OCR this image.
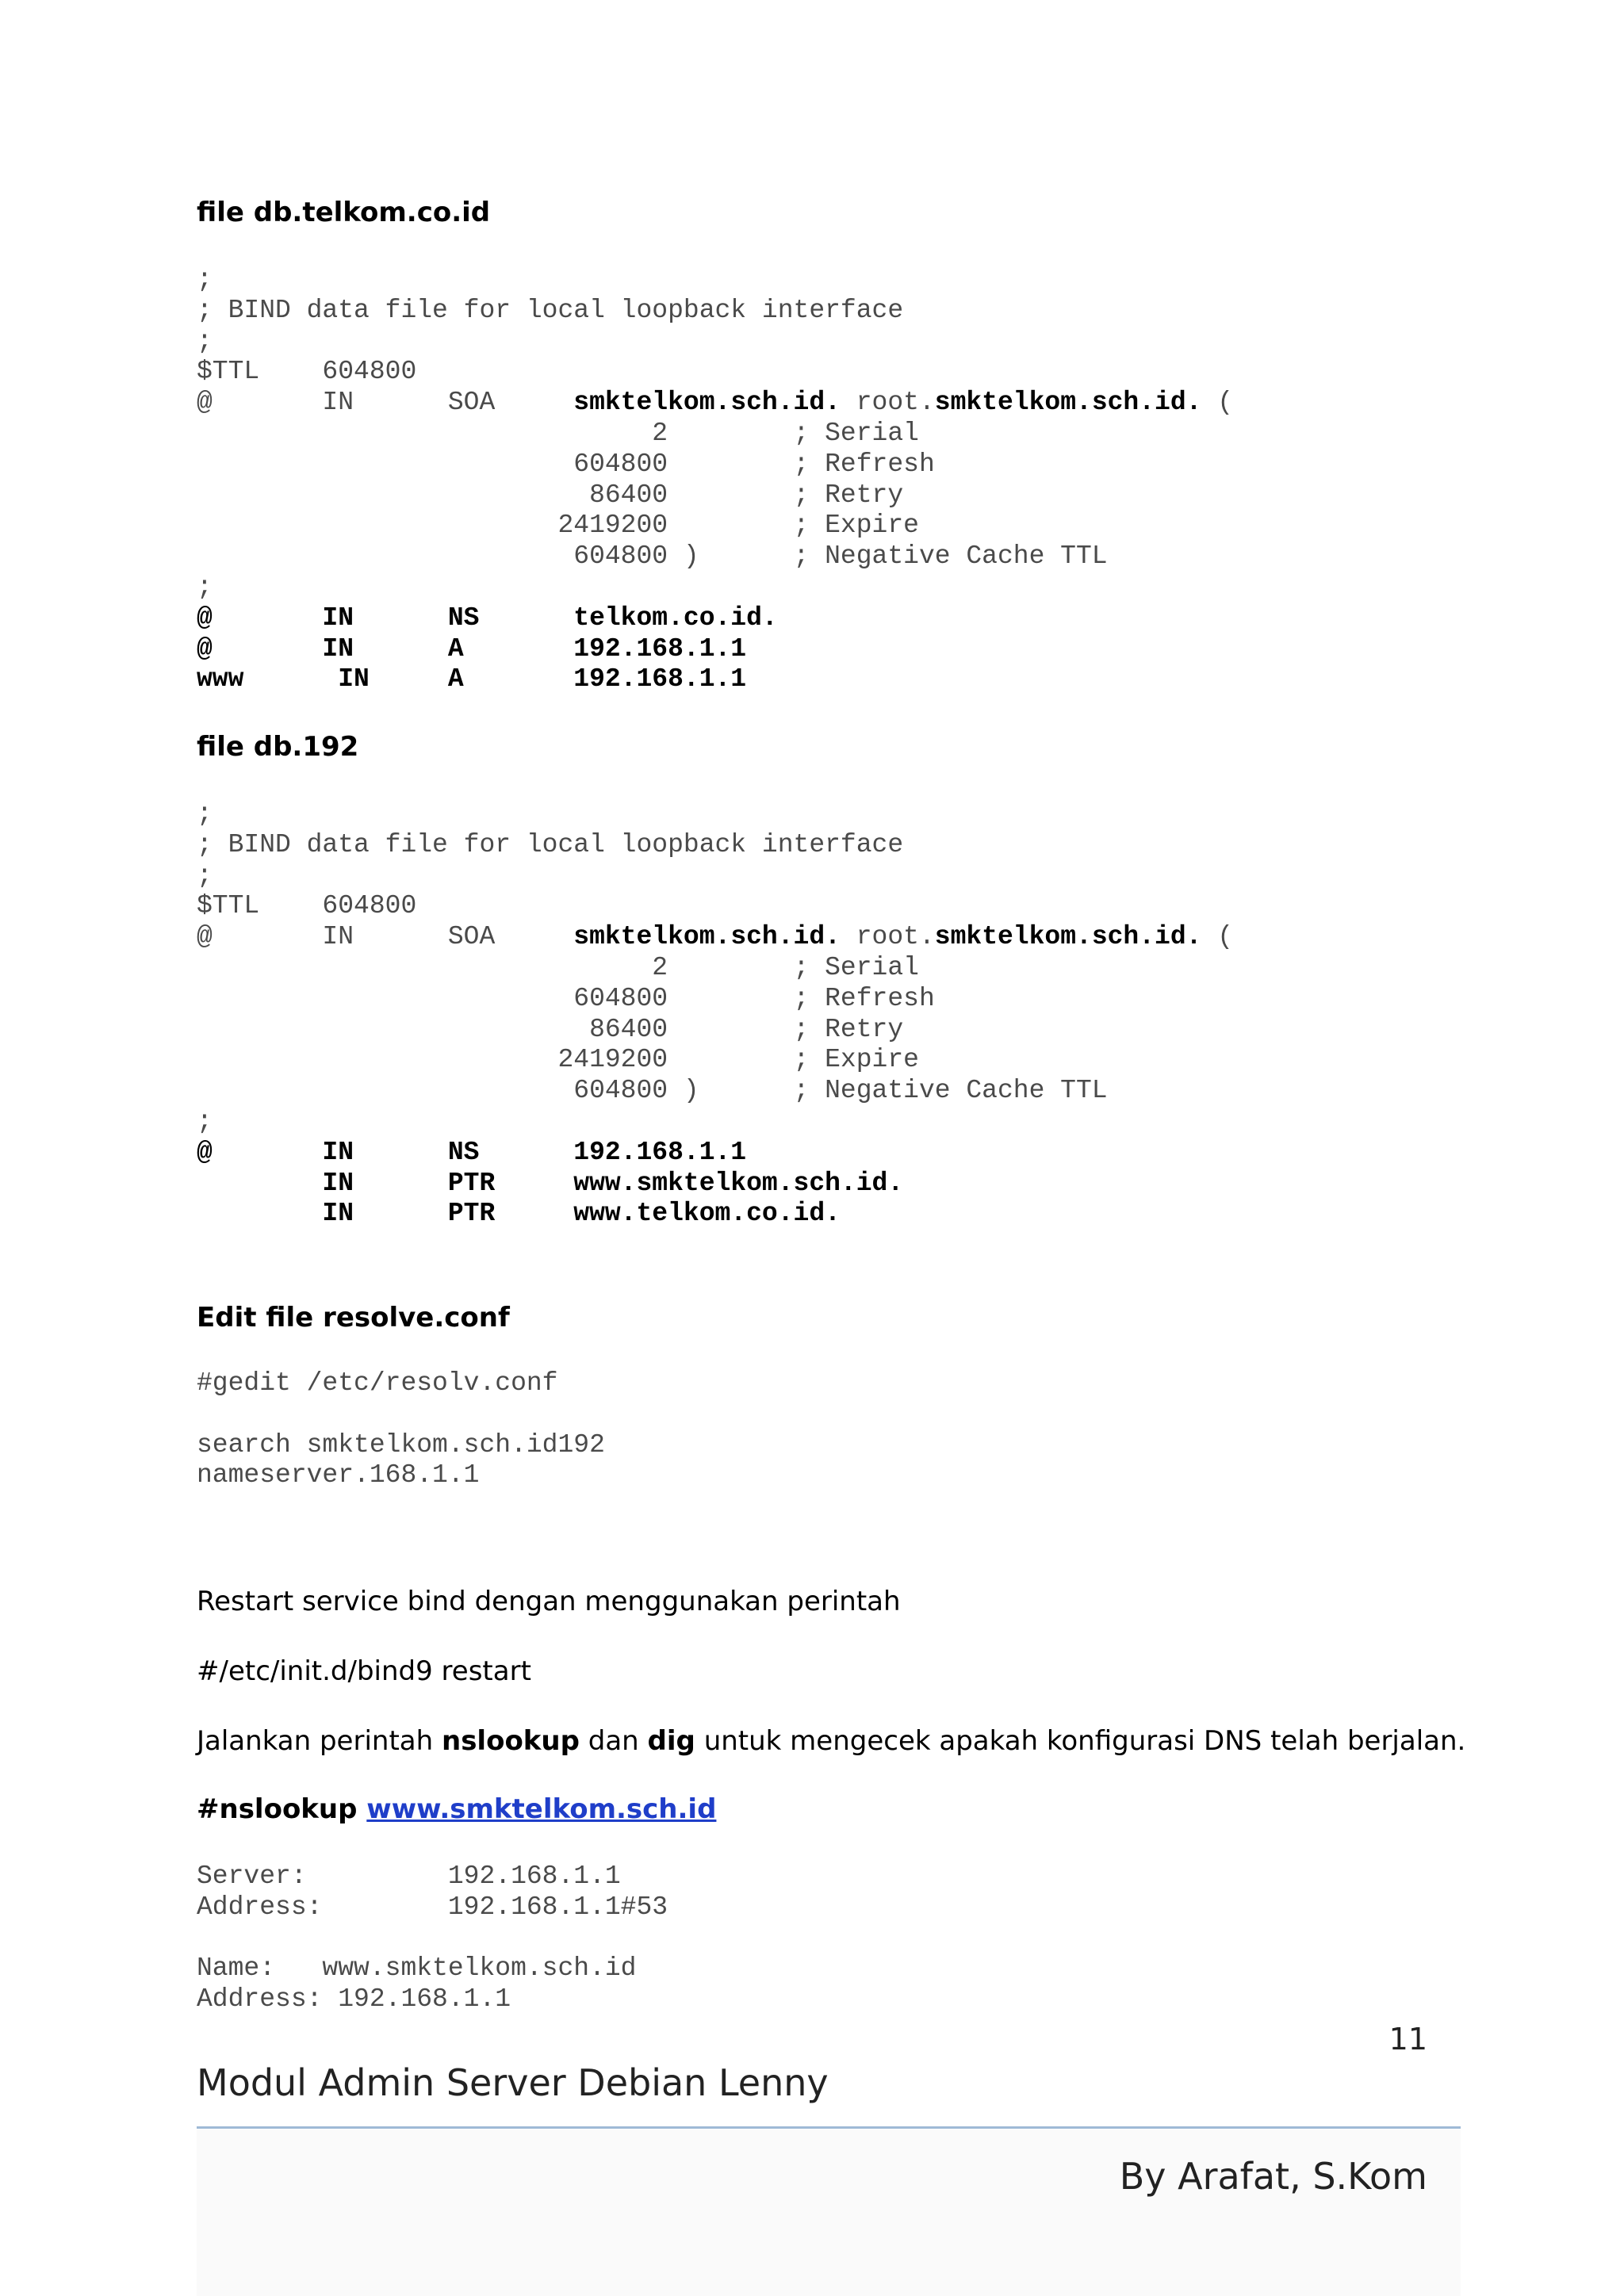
file db.telkom.co.id
;
; BIND data file for local loopback interface
;
$TTL    604800
@       IN      SOA     smktelkom.sch.id. root.smktelkom.sch.id. (
2        ; Serial
604800        ; Refresh
86400        ; Retry
2419200        ; Expire
604800 )      ; Negative Cache TTL
;
@       IN      NS      telkom.co.id.
@       IN      A       192.168.1.1
www      IN     A       192.168.1.1
file db.192
;
; BIND data file for local loopback interface
;
$TTL    604800
@       IN      SOA     smktelkom.sch.id. root.smktelkom.sch.id. (
2        ; Serial
604800        ; Refresh
86400        ; Retry
2419200        ; Expire
604800 )      ; Negative Cache TTL
;
@       IN      NS      192.168.1.1
IN      PTR     www.smktelkom.sch.id.
IN      PTR     www.telkom.co.id.
Edit file resolve.conf
#gedit /etc/resolv.conf
search smktelkom.sch.id192
nameserver.168.1.1
Restart service bind dengan menggunakan perintah
#/etc/init.d/bind9 restart
Jalankan perintah nslookup dan dig untuk mengecek apakah konfigurasi DNS telah berjalan.
#nslookup www.smktelkom.sch.id
Server:         192.168.1.1
Address:        192.168.1.1#53
Name:   www.smktelkom.sch.id
Address: 192.168.1.1
11
Modul Admin Server Debian Lenny
By Arafat, S.Kom
